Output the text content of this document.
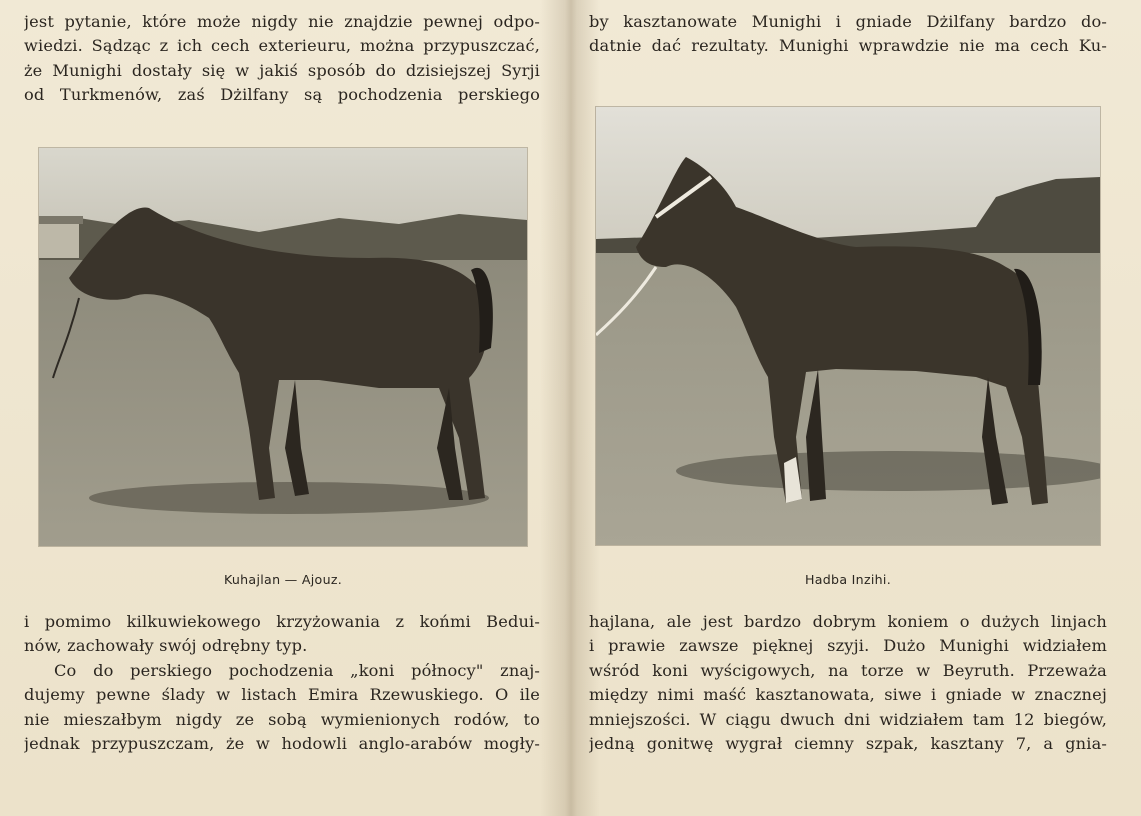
jest pytanie, które może nigdy nie znajdzie pewnej odpo-
wiedzi. Sądząc z ich cech exterieuru, można przypuszczać,
że Munighi dostały się w jakiś sposób do dzisiejszej Syrji
od Turkmenów, zaś Dżilfany są pochodzenia perskiego
Kuhajlan — Ajouz.
i pomimo kilkuwiekowego krzyżowania z końmi Bedui-
nów, zachowały swój odrębny typ.
Co do perskiego pochodzenia „koni północy" znaj-
dujemy pewne ślady w listach Emira Rzewuskiego. O ile
nie mieszałbym nigdy ze sobą wymienionych rodów, to
jednak przypuszczam, że w hodowli anglo-arabów mogły-
by kasztanowate Munighi i gniade Dżilfany bardzo do-
datnie dać rezultaty. Munighi wprawdzie nie ma cech Ku-
Hadba Inzihi.
hajlana, ale jest bardzo dobrym koniem o dużych linjach
i prawie zawsze pięknej szyji. Dużo Munighi widziałem
wśród koni wyścigowych, na torze w Beyruth. Przeważa
między nimi maść kasztanowata, siwe i gniade w znacznej
mniejszości. W ciągu dwuch dni widziałem tam 12 biegów,
jedną gonitwę wygrał ciemny szpak, kasztany 7, a gnia-
